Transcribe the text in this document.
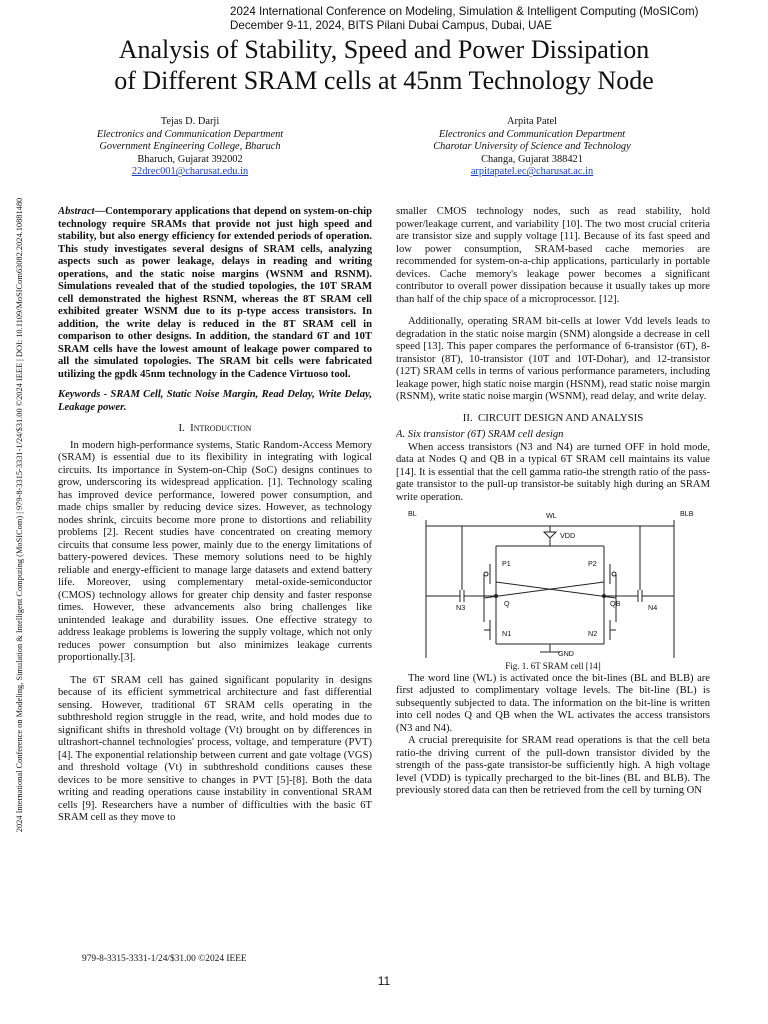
2024 International Conference on Modeling, Simulation & Intelligent Computing (MoSICom)
December 9-11, 2024, BITS Pilani Dubai Campus, Dubai, UAE
Analysis of Stability, Speed and Power Dissipation
of Different SRAM cells at 45nm Technology Node
Tejas D. Darji
Electronics and Communication Department
Government Engineering College, Bharuch
Bharuch, Gujarat 392002
22drec001@charusat.edu.in
Arpita Patel
Electronics and Communication Department
Charotar University of Science and Technology
Changa, Gujarat 388421
arpitapatel.ec@charusat.ac.in
2024 International Conference on Modeling, Simulation & Intelligent Computing (MoSICom) | 979-8-3315-3331-1/24/$31.00 ©2024 IEEE | DOI: 10.1109/MoSICom63082.2024.10881480	Abstract—Contemporary applications that depend on system-on-chip technology require SRAMs that provide not just high speed and stability, but also energy efficiency for extended periods of operation. This study investigates several designs of SRAM cells, analyzing aspects such as power leakage, delays in reading and writing operations, and the static noise margins (WSNM and RSNM). Simulations revealed that of the studied topologies, the 10T SRAM cell demonstrated the highest RSNM, whereas the 8T SRAM cell exhibited greater WSNM due to its p-type access transistors. In addition, the write delay is reduced in the 8T SRAM cell in comparison to other designs. In addition, the standard 6T and 10T SRAM cells have the lowest amount of leakage power compared to all the simulated topologies. The SRAM bit cells were fabricated utilizing the gpdk 45nm technology in the Cadence Virtuoso tool.

Keywords - SRAM Cell, Static Noise Margin, Read Delay, Write Delay, Leakage power.

I. Introduction

In modern high-performance systems, Static Random-Access Memory (SRAM) is essential due to its flexibility in integrating with logical circuits. Its importance in System-on-Chip (SoC) designs continues to grow, underscoring its widespread application. [1]. Technology scaling has improved device performance, lowered power consumption, and made chips smaller by reducing device sizes. However, as technology nodes shrink, circuits become more prone to distortions and reliability problems [2]. Recent studies have concentrated on creating memory circuits that consume less power, mainly due to the energy limitations of battery-powered devices. These memory solutions need to be highly reliable and energy-efficient to manage large datasets and extend battery life. Moreover, using complementary metal-oxide-semiconductor (CMOS) technology allows for greater chip density and faster response times. However, these advancements also bring challenges like unintended leakage and durability issues. One effective strategy to address leakage problems is lowering the supply voltage, which not only reduces power consumption but also minimizes leakage currents proportionally.[3].

The 6T SRAM cell has gained significant popularity in designs because of its efficient symmetrical architecture and fast differential sensing. However, traditional 6T SRAM cells operating in the subthreshold region struggle in the read, write, and hold modes due to significant shifts in threshold voltage (Vt) brought on by differences in ultrashort-channel technologies' process, voltage, and temperature (PVT) [4]. The exponential relationship between current and gate voltage (VGS) and threshold voltage (Vt) in subthreshold conditions causes these devices to be more sensitive to changes in PVT [5]-[8]. Both the data writing and reading operations cause instability in conventional SRAM cells [9]. Researchers have a number of difficulties with the basic 6T SRAM cell as they move to

smaller CMOS technology nodes, such as read stability, hold power/leakage current, and variability [10]. The two most crucial criteria are transistor size and supply voltage [11]. Because of its fast speed and low power consumption, SRAM-based cache memories are recommended for system-on-a-chip applications, particularly in portable devices. Cache memory's leakage power becomes a significant contributor to overall power dissipation because it usually takes up more than half of the chip space of a microprocessor. [12].

Additionally, operating SRAM bit-cells at lower Vdd levels leads to degradation in the static noise margin (SNM) alongside a decrease in cell speed [13]. This paper compares the performance of 6-transistor (6T), 8-transistor (8T), 10-transistor (10T and 10T-Dohar), and 12-transistor (12T) SRAM cells in terms of various performance parameters, including leakage power, high static noise margin (HSNM), read static noise margin (RSNM), write static noise margin (WSNM), read delay, and write delay.

II. CIRCUIT DESIGN AND ANALYSIS

A. Six transistor (6T) SRAM cell design

When access transistors (N3 and N4) are turned OFF in hold mode, data at Nodes Q and QB in a typical 6T SRAM cell maintains its value [14]. It is essential that the cell gamma ratio-the strength ratio of the pass-gate transistor to the pull-up transistor-be suitably high during an SRAM write operation.

BL	BLB
WL
VDD
P1	P2
N3	N4
Q	QB
N1	N2
GND

Fig. 1. 6T SRAM cell [14]

The word line (WL) is activated once the bit-lines (BL and BLB) are first adjusted to complimentary voltage levels. The bit-line (BL) is subsequently subjected to data. The information on the bit-line is written into cell nodes Q and QB when the WL activates the access transistors (N3 and N4).

A crucial prerequisite for SRAM read operations is that the cell beta ratio-the driving current of the pull-down transistor divided by the strength of the pass-gate transistor-be sufficiently high. A high voltage level (VDD) is typically precharged to the bit-lines (BL and BLB). The previously stored data can then be retrieved from the cell by turning ON

979-8-3315-3331-1/24/$31.00 ©2024 IEEE
11
